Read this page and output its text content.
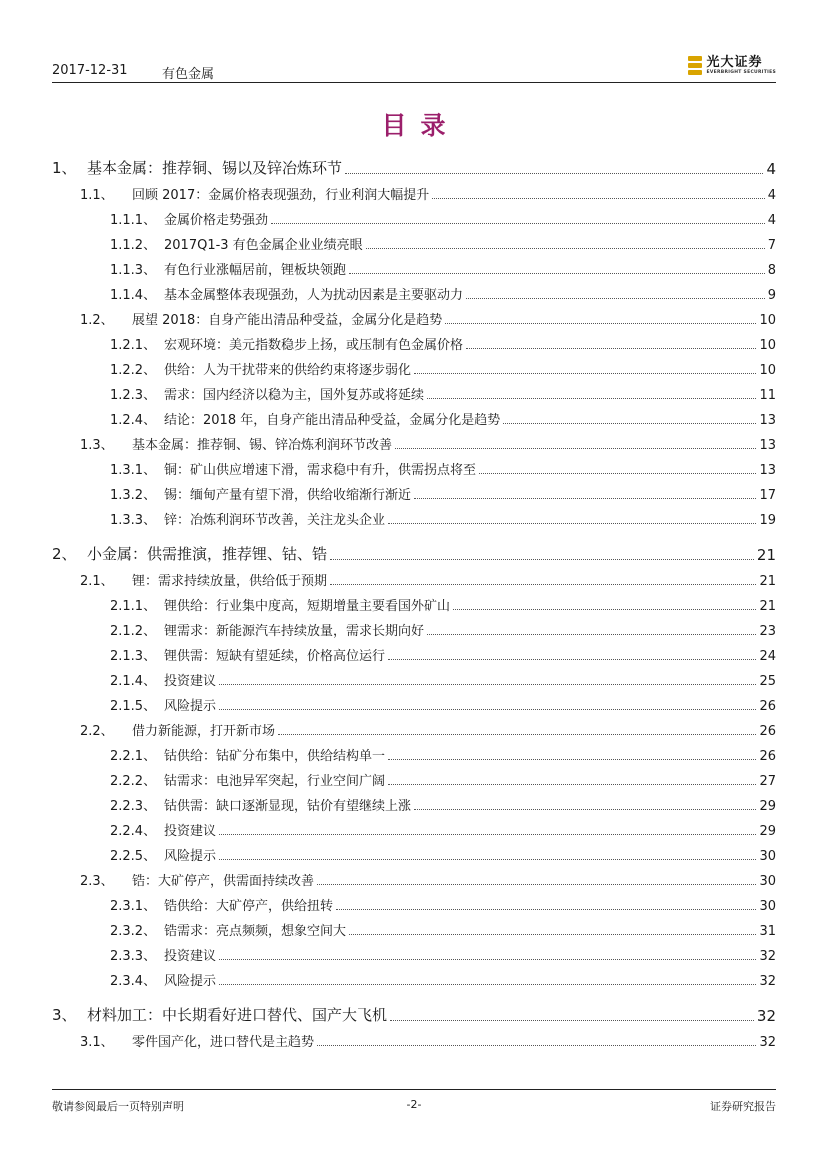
2017-12-31	有色金属
光大证券
EVERBRIGHT SECURITIES
目录
1、 基本金属：推荐铜、锡以及锌冶炼环节	4
1.1、	回顾 2017：金属价格表现强劲，行业利润大幅提升	4
1.1.1、 金属价格走势强劲	4
1.1.2、 2017Q1-3 有色金属企业业绩亮眼	7
1.1.3、 有色行业涨幅居前，锂板块领跑	8
1.1.4、 基本金属整体表现强劲，人为扰动因素是主要驱动力	9
1.2、	展望 2018：自身产能出清品种受益，金属分化是趋势	10
1.2.1、 宏观环境：美元指数稳步上扬，或压制有色金属价格	10
1.2.2、 供给：人为干扰带来的供给约束将逐步弱化	10
1.2.3、 需求：国内经济以稳为主，国外复苏或将延续	11
1.2.4、 结论：2018 年，自身产能出清品种受益，金属分化是趋势	13
1.3、	基本金属：推荐铜、锡、锌冶炼利润环节改善	13
1.3.1、 铜：矿山供应增速下滑，需求稳中有升，供需拐点将至	13
1.3.2、 锡：缅甸产量有望下滑，供给收缩渐行渐近	17
1.3.3、 锌：冶炼利润环节改善，关注龙头企业	19
2、 小金属：供需推演，推荐锂、钴、锆	21
2.1、	锂：需求持续放量，供给低于预期	21
2.1.1、 锂供给：行业集中度高，短期增量主要看国外矿山	21
2.1.2、 锂需求：新能源汽车持续放量，需求长期向好	23
2.1.3、 锂供需：短缺有望延续，价格高位运行	24
2.1.4、 投资建议	25
2.1.5、 风险提示	26
2.2、	借力新能源，打开新市场	26
2.2.1、 钴供给：钴矿分布集中，供给结构单一	26
2.2.2、 钴需求：电池异军突起，行业空间广阔	27
2.2.3、 钴供需：缺口逐渐显现，钴价有望继续上涨	29
2.2.4、 投资建议	29
2.2.5、 风险提示	30
2.3、	锆：大矿停产，供需面持续改善	30
2.3.1、 锆供给：大矿停产，供给扭转	30
2.3.2、 锆需求：亮点频频，想象空间大	31
2.3.3、 投资建议	32
2.3.4、 风险提示	32
3、 材料加工：中长期看好进口替代、国产大飞机	32
3.1、	零件国产化，进口替代是主趋势	32
敬请参阅最后一页特别声明	-2-	证券研究报告
